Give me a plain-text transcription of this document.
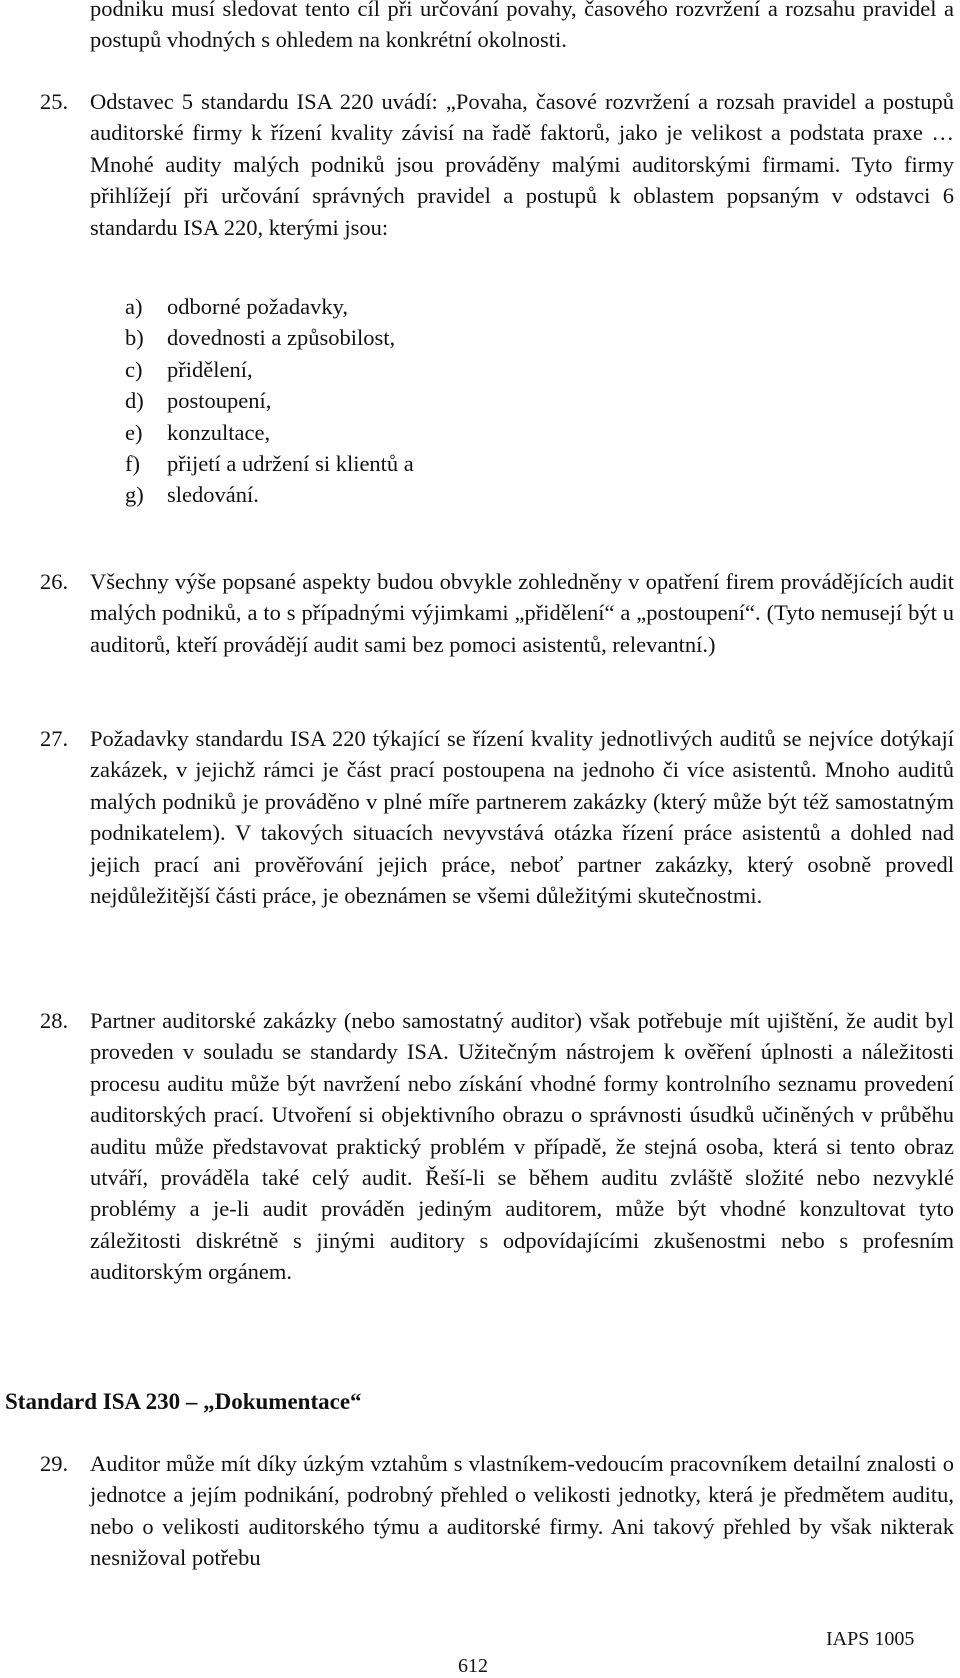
podniku musí sledovat tento cíl při určování povahy, časového rozvržení a rozsahu pravidel a postupů vhodných s ohledem na konkrétní okolnosti.
25. Odstavec 5 standardu ISA 220 uvádí: „Povaha, časové rozvržení a rozsah pravidel a postupů auditorské firmy k řízení kvality závisí na řadě faktorů, jako je velikost a podstata praxe … Mnohé audity malých podniků jsou prováděny malými auditorskými firmami. Tyto firmy přihlížejí při určování správných pravidel a postupů k oblastem popsaným v odstavci 6 standardu ISA 220, kterými jsou:
a) odborné požadavky,
b) dovednosti a způsobilost,
c) přidělení,
d) postoupení,
e) konzultace,
f) přijetí a udržení si klientů a
g) sledování.
26. Všechny výše popsané aspekty budou obvykle zohledněny v opatření firem provádějících audit malých podniků, a to s případnými výjimkami „přidělení“ a „postoupení“. (Tyto nemusejí být u auditorů, kteří provádějí audit sami bez pomoci asistentů, relevantní.)
27. Požadavky standardu ISA 220 týkající se řízení kvality jednotlivých auditů se nejvíce dotýkají zakázek, v jejichž rámci je část prací postoupena na jednoho či více asistentů. Mnoho auditů malých podniků je prováděno v plné míře partnerem zakázky (který může být též samostatným podnikatelem). V takových situacích nevyvstává otázka řízení práce asistentů a dohled nad jejich prací ani prověřování jejich práce, neboť partner zakázky, který osobně provedl nejdůležitější části práce, je obeznámen se všemi důležitými skutečnostmi.
28. Partner auditorské zakázky (nebo samostatný auditor) však potřebuje mít ujištění, že audit byl proveden v souladu se standardy ISA. Užitečným nástrojem k ověření úplnosti a náležitosti procesu auditu může být navržení nebo získání vhodné formy kontrolního seznamu provedení auditorských prací. Utvoření si objektivního obrazu o správnosti úsudků učiněných v průběhu auditu může představovat praktický problém v případě, že stejná osoba, která si tento obraz utváří, prováděla také celý audit. Řeší-li se během auditu zvláště složité nebo nezvyklé problémy a je-li audit prováděn jediným auditorem, může být vhodné konzultovat tyto záležitosti diskrétně s jinými auditory s odpovídajícími zkušenostmi nebo s profesním auditorským orgánem.
Standard ISA 230 – „Dokumentace“
29. Auditor může mít díky úzkým vztahům s vlastníkem-vedoucím pracovníkem detailní znalosti o jednotce a jejím podnikání, podrobný přehled o velikosti jednotky, která je předmětem auditu, nebo o velikosti auditorského týmu a auditorské firmy. Ani takový přehled by však nikterak nesnižoval potřebu
IAPS 1005
612
